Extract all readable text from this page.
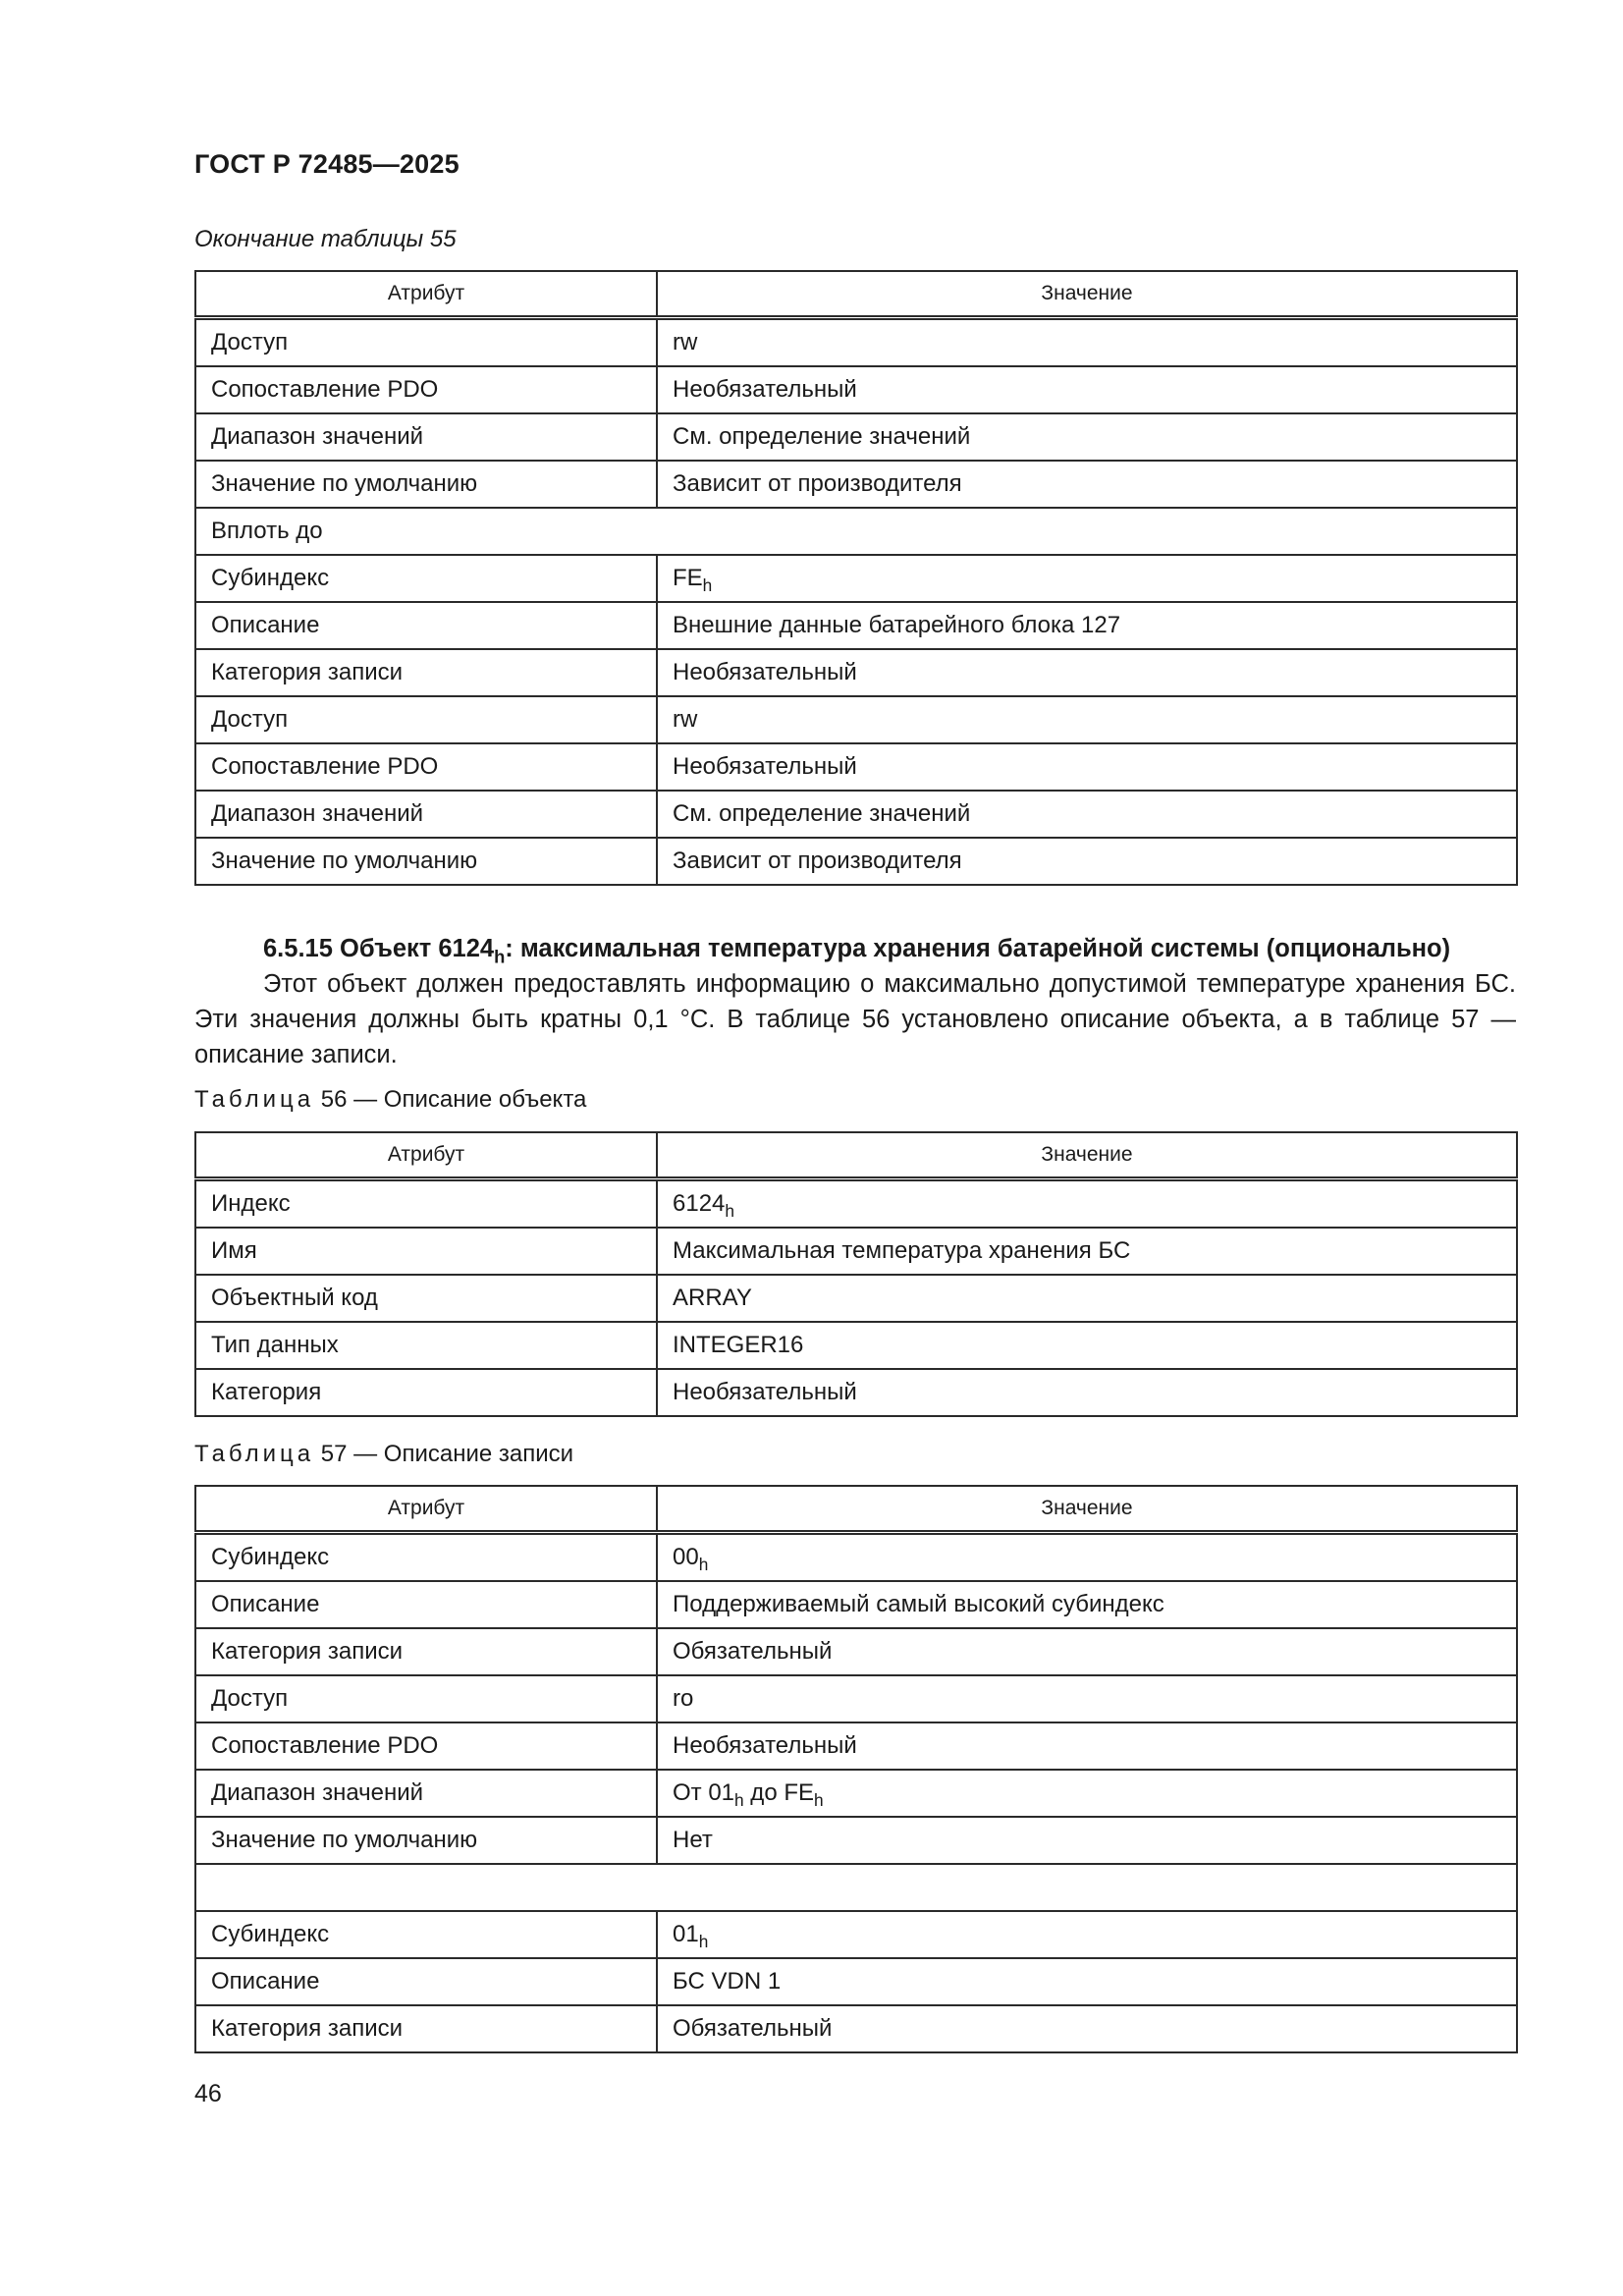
ГОСТ Р 72485—2025
Окончание таблицы 55
Атрибут	Значение
Доступ	rw
Сопоставление PDO	Необязательный
Диапазон значений	См. определение значений
Значение по умолчанию	Зависит от производителя
Вплоть до	
Субиндекс	$FE_h$
Описание	Внешние данные батарейного блока 127
Категория записи	Необязательный
Доступ	rw
Сопоставление PDO	Необязательный
Диапазон значений	См. определение значений
Значение по умолчанию	Зависит от производителя
6.5.15 Объект $6124_h$: максимальная температура хранения батарейной системы (опционально)
Этот объект должен предоставлять информацию о максимально допустимой температуре хранения БС. Эти значения должны быть кратны 0,1 °C. В таблице 56 установлено описание объекта, а в таблице 57 — описание записи.
Таблица 56 — Описание объекта
Атрибут	Значение
Индекс	$6124_h$
Имя	Максимальная температура хранения БС
Объектный код	ARRAY
Тип данных	INTEGER16
Категория	Необязательный
Таблица 57 — Описание записи
Атрибут	Значение
Субиндекс	$00_h$
Описание	Поддерживаемый самый высокий субиндекс
Категория записи	Обязательный
Доступ	ro
Сопоставление PDO	Необязательный
Диапазон значений	От $01_h$ до $FE_h$
Значение по умолчанию	Нет

Субиндекс	$01_h$
Описание	БС VDN 1
Категория записи	Обязательный
46
